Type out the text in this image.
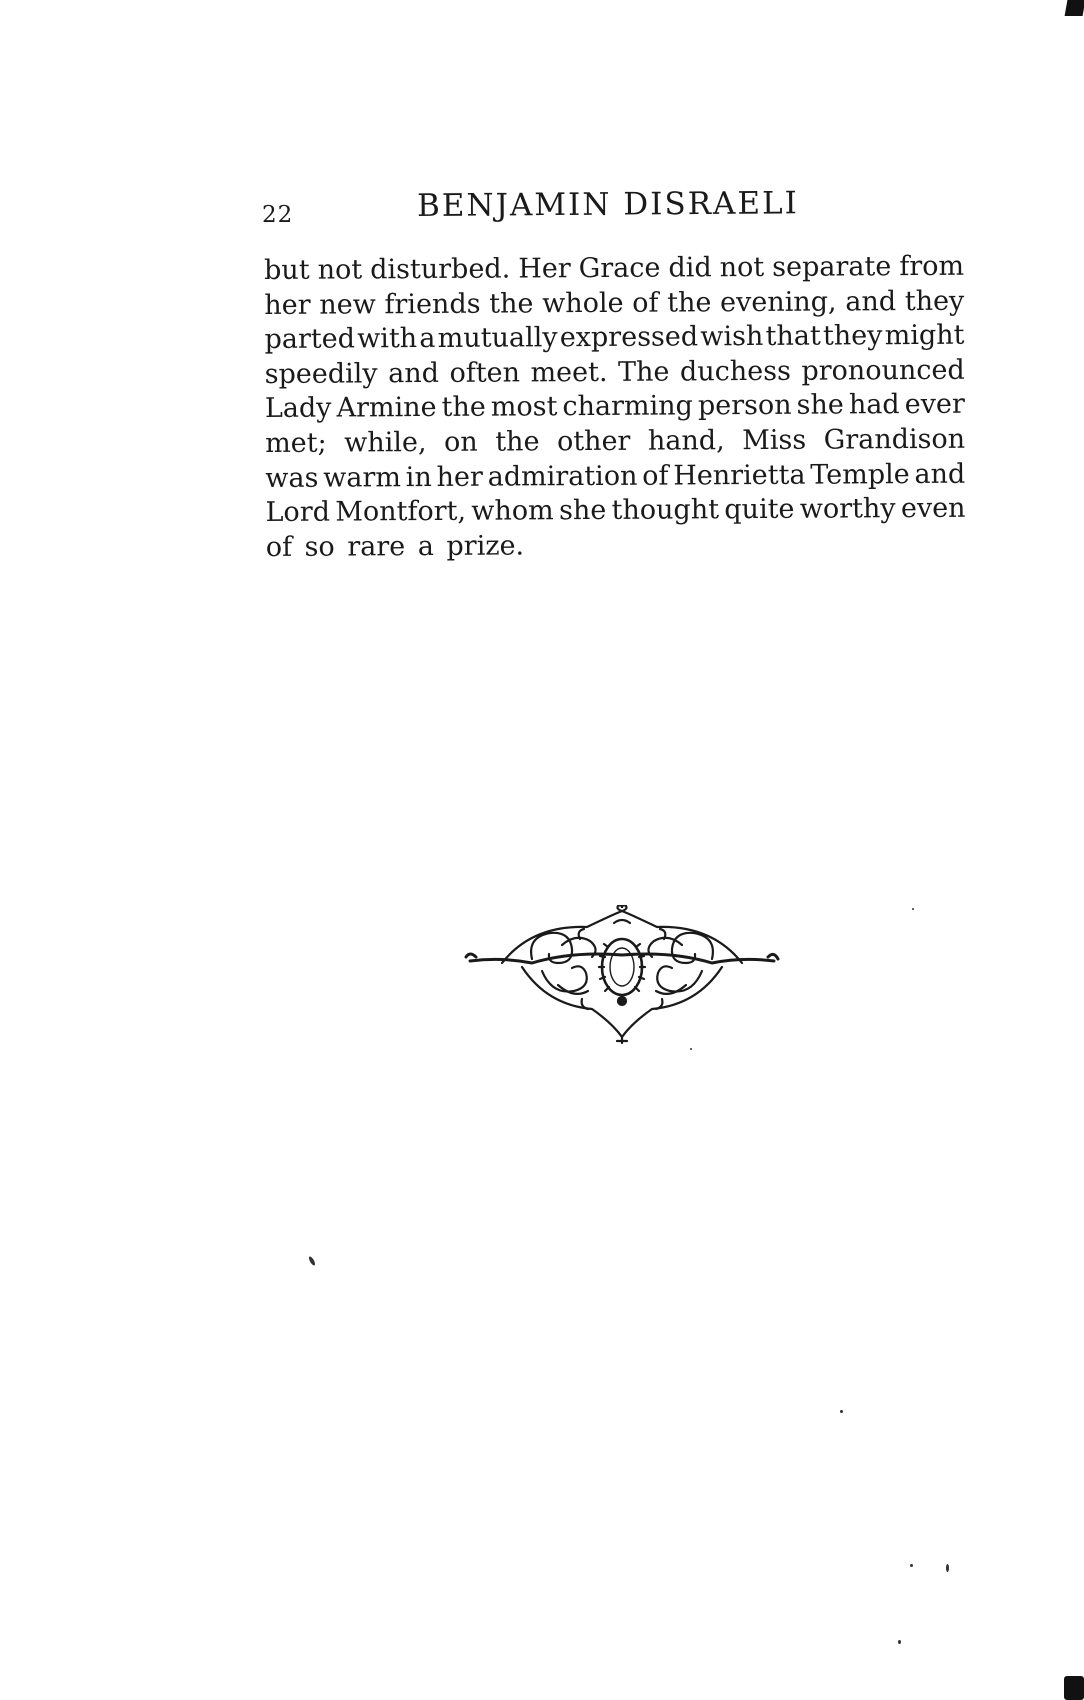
22	BENJAMIN DISRAELI
but not disturbed. Her Grace did not separate from
her new friends the whole of the evening, and they
parted with a mutually expressed wish that they might
speedily and often meet. The duchess pronounced
Lady Armine the most charming person she had ever
met; while, on the other hand, Miss Grandison
was warm in her admiration of Henrietta Temple and
Lord Montfort, whom she thought quite worthy even
of so rare a prize.
